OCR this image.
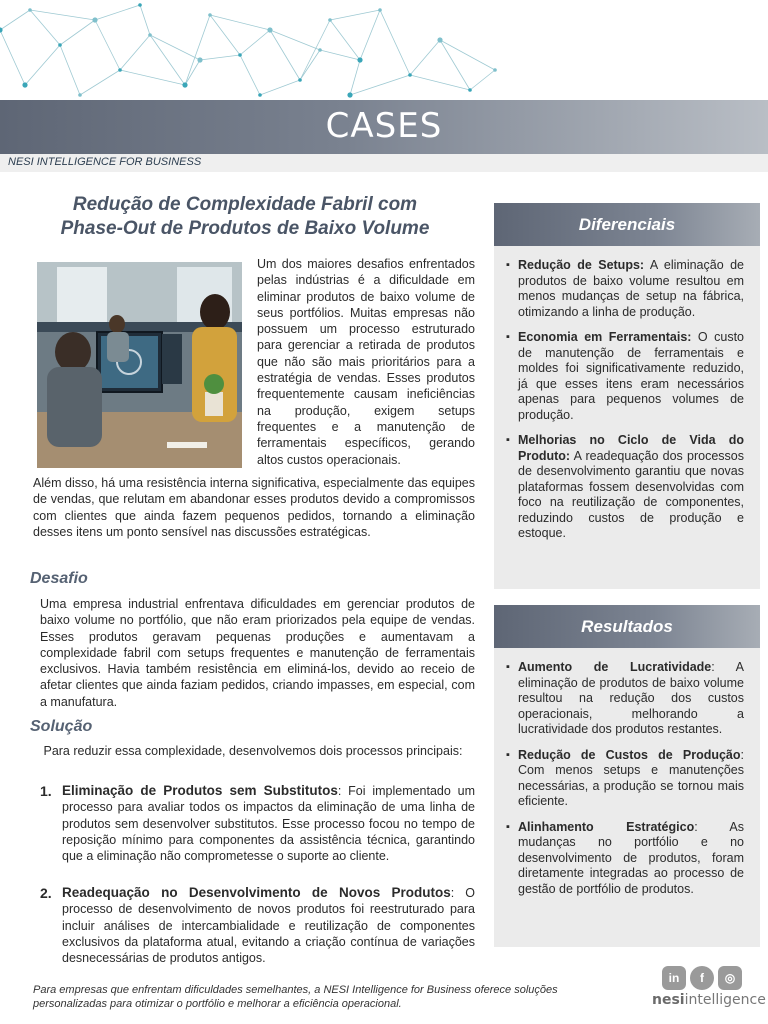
CASES
NESI INTELLIGENCE FOR BUSINESS
Redução de Complexidade Fabril com
Phase-Out de Produtos de Baixo Volume
Um dos maiores desafios enfrentados pelas indústrias é a dificuldade em eliminar produtos de baixo volume de seus portfólios. Muitas empresas não possuem um processo estruturado para gerenciar a retirada de produtos que não são mais prioritários para a estratégia de vendas. Esses produtos frequentemente causam ineficiências na produção, exigem setups frequentes e a manutenção de ferramentais específicos, gerando altos custos operacionais.
Além disso, há uma resistência interna significativa, especialmente das equipes de vendas, que relutam em abandonar esses produtos devido a compromissos com clientes que ainda fazem pequenos pedidos, tornando a eliminação desses itens um ponto sensível nas discussões estratégicas.
Desafio
Uma empresa industrial enfrentava dificuldades em gerenciar produtos de baixo volume no portfólio, que não eram priorizados pela equipe de vendas. Esses produtos geravam pequenas produções e aumentavam a complexidade fabril com setups frequentes e manutenção de ferramentais exclusivos. Havia também resistência em eliminá-los, devido ao receio de afetar clientes que ainda faziam pedidos, criando impasses, em especial, com a manufatura.
Solução
Para reduzir essa complexidade, desenvolvemos dois processos principais:
1. Eliminação de Produtos sem Substitutos: Foi implementado um processo para avaliar todos os impactos da eliminação de uma linha de produtos sem desenvolver substitutos. Esse processo focou no tempo de reposição mínimo para componentes da assistência técnica, garantindo que a eliminação não comprometesse o suporte ao cliente.
2. Readequação no Desenvolvimento de Novos Produtos: O processo de desenvolvimento de novos produtos foi reestruturado para incluir análises de intercambialidade e reutilização de componentes exclusivos da plataforma atual, evitando a criação contínua de variações desnecessárias de produtos antigos.
Diferenciais
▪ Redução de Setups: A eliminação de produtos de baixo volume resultou em menos mudanças de setup na fábrica, otimizando a linha de produção.
▪ Economia em Ferramentais: O custo de manutenção de ferramentais e moldes foi significativamente reduzido, já que esses itens eram necessários apenas para pequenos volumes de produção.
▪ Melhorias no Ciclo de Vida do Produto: A readequação dos processos de desenvolvimento garantiu que novas plataformas fossem desenvolvidas com foco na reutilização de componentes, reduzindo custos de produção e estoque.
Resultados
▪ Aumento de Lucratividade: A eliminação de produtos de baixo volume resultou na redução dos custos operacionais, melhorando a lucratividade dos produtos restantes.
▪ Redução de Custos de Produção: Com menos setups e manutenções necessárias, a produção se tornou mais eficiente.
▪ Alinhamento Estratégico: As mudanças no portfólio e no desenvolvimento de produtos, foram diretamente integradas ao processo de gestão de portfólio de produtos.
Para empresas que enfrentam dificuldades semelhantes, a NESI Intelligence for Business oferece soluções personalizadas para otimizar o portfólio e melhorar a eficiência operacional.
in	f	◎
nesiintelligence
